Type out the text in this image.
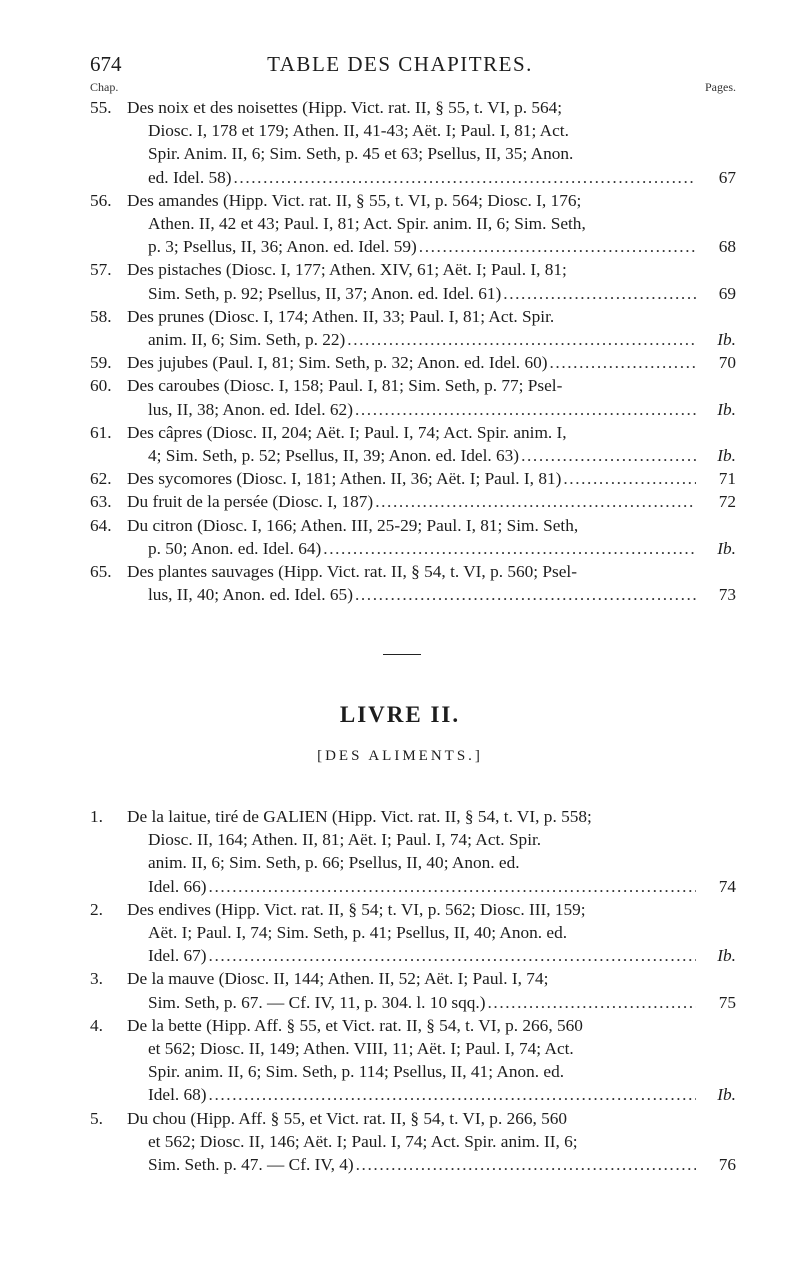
674	TABLE DES CHAPITRES.
Chap.	Pages.
55. Des noix et des noisettes (Hipp. Vict. rat. II, § 55, t. VI, p. 564;
Diosc. I, 178 et 179; Athen. II, 41-43; Aët. I; Paul. I, 81; Act.
Spir. Anim. II, 6; Sim. Seth, p. 45 et 63; Psellus, II, 35; Anon.
ed. Idel. 58) .....	67
56. Des amandes (Hipp. Vict. rat. II, § 55, t. VI, p. 564; Diosc. I, 176;
Athen. II, 42 et 43; Paul. I, 81; Act. Spir. anim. II, 6; Sim. Seth,
p. 3; Psellus, II, 36; Anon. ed. Idel. 59) .....	68
57. Des pistaches (Diosc. I, 177; Athen. XIV, 61; Aët. I; Paul. I, 81;
Sim. Seth, p. 92; Psellus, II, 37; Anon. ed. Idel. 61) .....	69
58. Des prunes (Diosc. I, 174; Athen. II, 33; Paul. I, 81; Act. Spir.
anim. II, 6; Sim. Seth, p. 22) .....	Ib.
59. Des jujubes (Paul. I, 81; Sim. Seth, p. 32; Anon. ed. Idel. 60) .....	70
60. Des caroubes (Diosc. I, 158; Paul. I, 81; Sim. Seth, p. 77; Psel-
lus, II, 38; Anon. ed. Idel. 62) .....	Ib.
61. Des câpres (Diosc. II, 204; Aët. I; Paul. I, 74; Act. Spir. anim. I,
4; Sim. Seth, p. 52; Psellus, II, 39; Anon. ed. Idel. 63) .....	Ib.
62. Des sycomores (Diosc. I, 181; Athen. II, 36; Aët. I; Paul. I, 81) .....	71
63. Du fruit de la persée (Diosc. I, 187) .....	72
64. Du citron (Diosc. I, 166; Athen. III, 25-29; Paul. I, 81; Sim. Seth,
p. 50; Anon. ed. Idel. 64) .....	Ib.
65. Des plantes sauvages (Hipp. Vict. rat. II, § 54, t. VI, p. 560; Psel-
lus, II, 40; Anon. ed. Idel. 65) .....	73
LIVRE II.
[DES ALIMENTS.]
1. De la laitue, tiré de GALIEN (Hipp. Vict. rat. II, § 54, t. VI, p. 558;
Diosc. II, 164; Athen. II, 81; Aët. I; Paul. I, 74; Act. Spir.
anim. II, 6; Sim. Seth, p. 66; Psellus, II, 40; Anon. ed.
Idel. 66) .....	74
2. Des endives (Hipp. Vict. rat. II, § 54; t. VI, p. 562; Diosc. III, 159;
Aët. I; Paul. I, 74; Sim. Seth, p. 41; Psellus, II, 40; Anon. ed.
Idel. 67) .....	Ib.
3. De la mauve (Diosc. II, 144; Athen. II, 52; Aët. I; Paul. I, 74;
Sim. Seth, p. 67. — Cf. IV, 11, p. 304. l. 10 sqq.) .....	75
4. De la bette (Hipp. Aff. § 55, et Vict. rat. II, § 54, t. VI, p. 266, 560
et 562; Diosc. II, 149; Athen. VIII, 11; Aët. I; Paul. I, 74; Act.
Spir. anim. II, 6; Sim. Seth, p. 114; Psellus, II, 41; Anon. ed.
Idel. 68) .....	Ib.
5. Du chou (Hipp. Aff. § 55, et Vict. rat. II, § 54, t. VI, p. 266, 560
et 562; Diosc. II, 146; Aët. I; Paul. I, 74; Act. Spir. anim. II, 6;
Sim. Seth. p. 47. — Cf. IV, 4) .....	76
